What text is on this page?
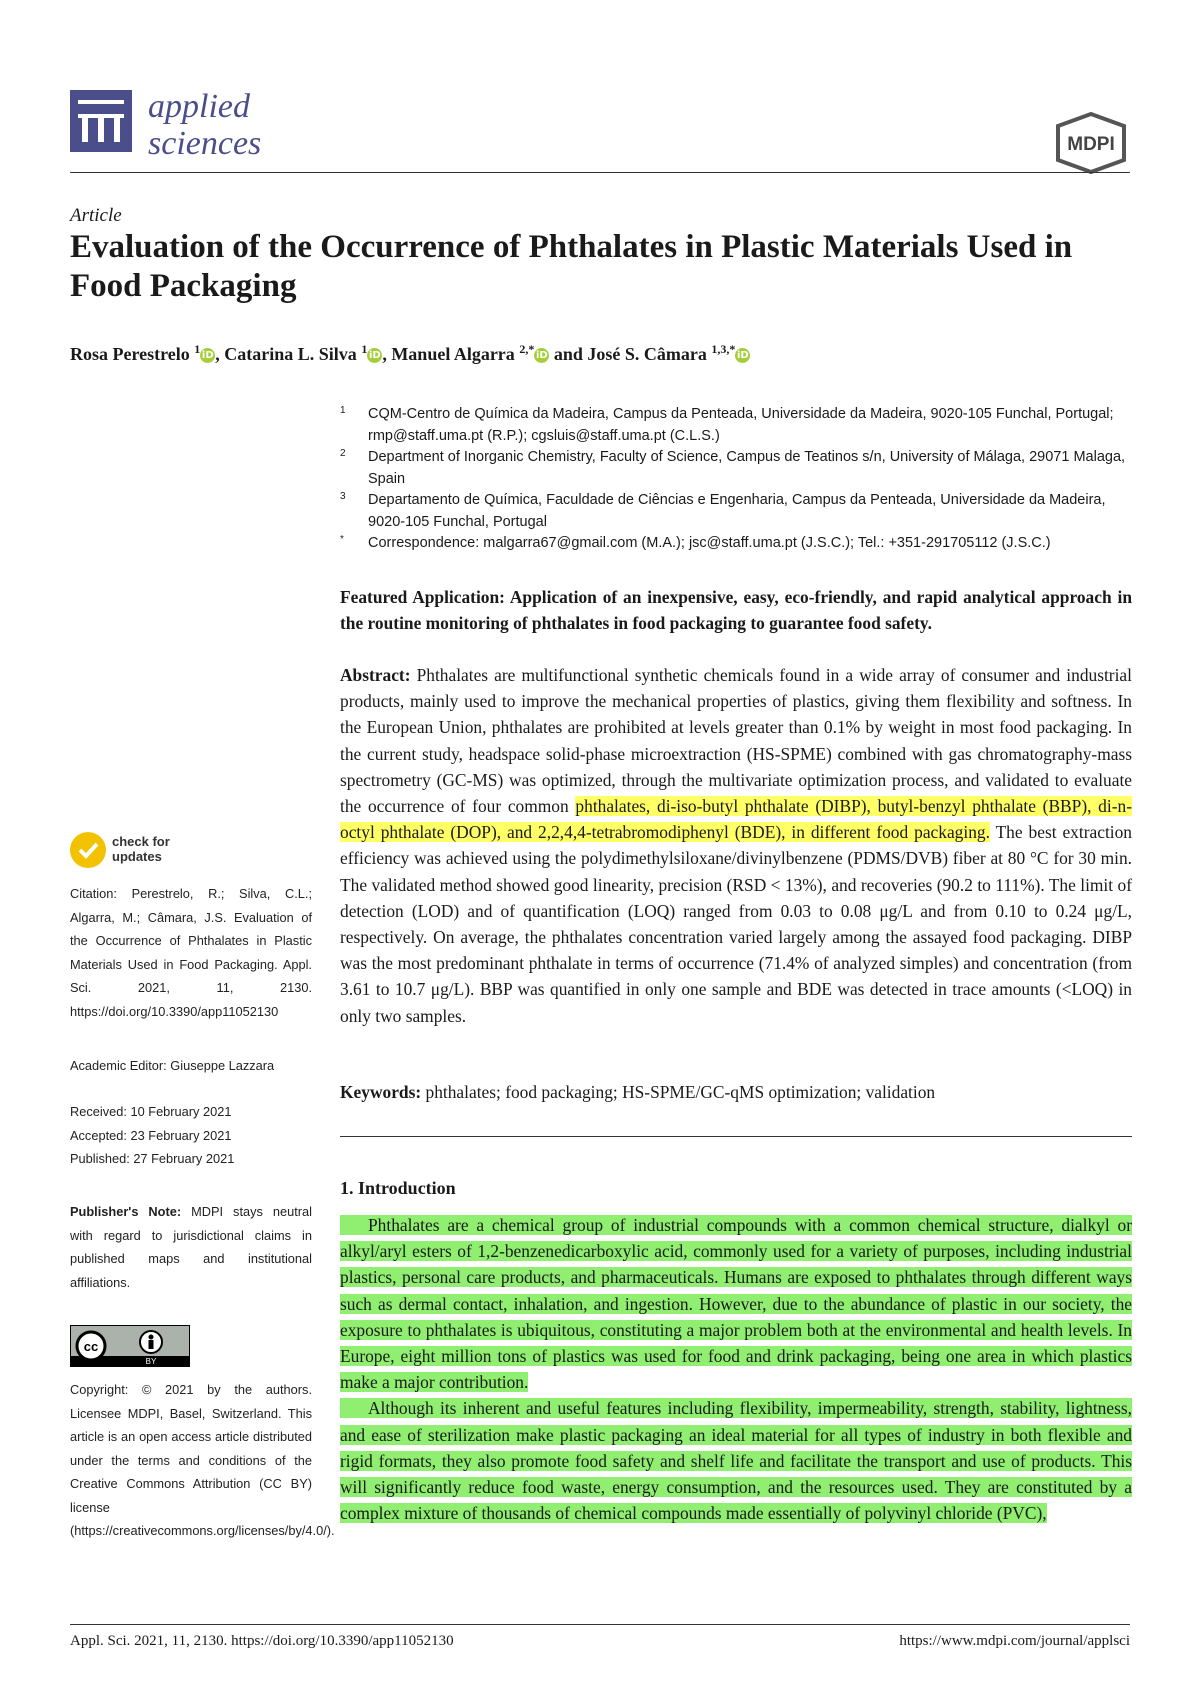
applied
sciences	MDPI
Article
Evaluation of the Occurrence of Phthalates in Plastic Materials Used in Food Packaging
Rosa Perestrelo $^1$ iD, Catarina L. Silva $^1$ iD, Manuel Algarra $^{2,*}$ iD and José S. Câmara $^{1,3,*}$ iD
1 CQM-Centro de Química da Madeira, Campus da Penteada, Universidade da Madeira, 9020-105 Funchal, Portugal; rmp@staff.uma.pt (R.P.); cgsluis@staff.uma.pt (C.L.S.)
2 Department of Inorganic Chemistry, Faculty of Science, Campus de Teatinos s/n, University of Málaga, 29071 Malaga, Spain
3 Departamento de Química, Faculdade de Ciências e Engenharia, Campus da Penteada, Universidade da Madeira, 9020-105 Funchal, Portugal
* Correspondence: malgarra67@gmail.com (M.A.); jsc@staff.uma.pt (J.S.C.); Tel.: +351-291705112 (J.S.C.)
Featured Application: Application of an inexpensive, easy, eco-friendly, and rapid analytical approach in the routine monitoring of phthalates in food packaging to guarantee food safety.
Abstract: Phthalates are multifunctional synthetic chemicals found in a wide array of consumer and industrial products, mainly used to improve the mechanical properties of plastics, giving them flexibility and softness. In the European Union, phthalates are prohibited at levels greater than 0.1% by weight in most food packaging. In the current study, headspace solid-phase microextraction (HS-SPME) combined with gas chromatography-mass spectrometry (GC-MS) was optimized, through the multivariate optimization process, and validated to evaluate the occurrence of four common phthalates, di-iso-butyl phthalate (DIBP), butyl-benzyl phthalate (BBP), di-n-octyl phthalate (DOP), and 2,2,4,4-tetrabromodiphenyl (BDE), in different food packaging. The best extraction efficiency was achieved using the polydimethylsiloxane/divinylbenzene (PDMS/DVB) fiber at 80 °C for 30 min. The validated method showed good linearity, precision (RSD < 13%), and recoveries (90.2 to 111%). The limit of detection (LOD) and of quantification (LOQ) ranged from 0.03 to 0.08 μg/L and from 0.10 to 0.24 μg/L, respectively. On average, the phthalates concentration varied largely among the assayed food packaging. DIBP was the most predominant phthalate in terms of occurrence (71.4% of analyzed simples) and concentration (from 3.61 to 10.7 μg/L). BBP was quantified in only one sample and BDE was detected in trace amounts (<LOQ) in only two samples.
Keywords: phthalates; food packaging; HS-SPME/GC-qMS optimization; validation
1. Introduction
Phthalates are a chemical group of industrial compounds with a common chemical structure, dialkyl or alkyl/aryl esters of 1,2-benzenedicarboxylic acid, commonly used for a variety of purposes, including industrial plastics, personal care products, and pharmaceuticals. Humans are exposed to phthalates through different ways such as dermal contact, inhalation, and ingestion. However, due to the abundance of plastic in our society, the exposure to phthalates is ubiquitous, constituting a major problem both at the environmental and health levels. In Europe, eight million tons of plastics was used for food and drink packaging, being one area in which plastics make a major contribution.
Although its inherent and useful features including flexibility, impermeability, strength, stability, lightness, and ease of sterilization make plastic packaging an ideal material for all types of industry in both flexible and rigid formats, they also promote food safety and shelf life and facilitate the transport and use of products. This will significantly reduce food waste, energy consumption, and the resources used. They are constituted by a complex mixture of thousands of chemical compounds made essentially of polyvinyl chloride (PVC),
check for
updates
Citation: Perestrelo, R.; Silva, C.L.; Algarra, M.; Câmara, J.S. Evaluation of the Occurrence of Phthalates in Plastic Materials Used in Food Packaging. Appl. Sci. 2021, 11, 2130. https://doi.org/10.3390/app11052130
Academic Editor: Giuseppe Lazzara
Received: 10 February 2021
Accepted: 23 February 2021
Published: 27 February 2021
Publisher's Note: MDPI stays neutral with regard to jurisdictional claims in published maps and institutional affiliations.
cc
BY
Copyright: © 2021 by the authors. Licensee MDPI, Basel, Switzerland. This article is an open access article distributed under the terms and conditions of the Creative Commons Attribution (CC BY) license (https://creativecommons.org/licenses/by/4.0/).
Appl. Sci. 2021, 11, 2130. https://doi.org/10.3390/app11052130	https://www.mdpi.com/journal/applsci
